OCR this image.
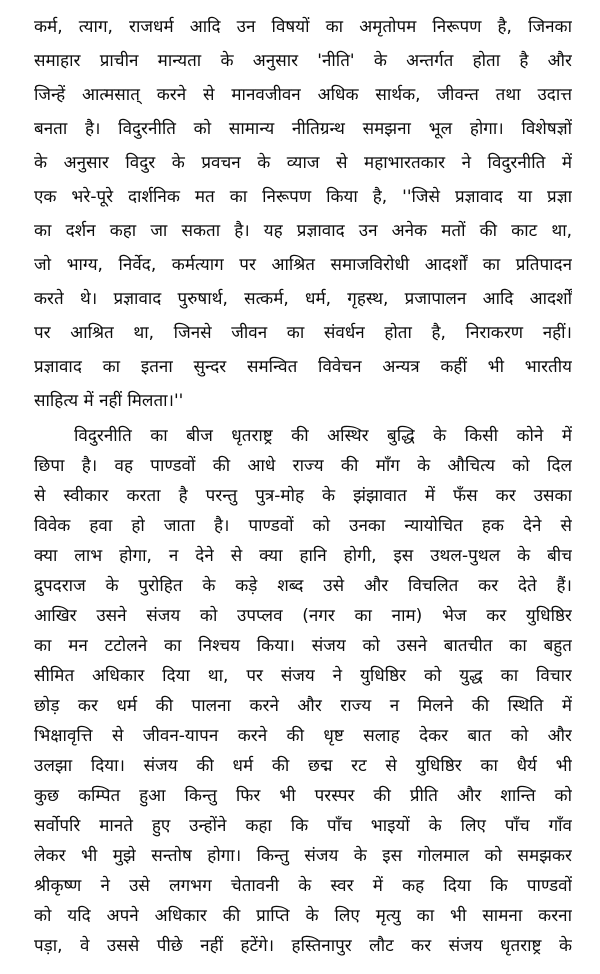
कर्म, त्याग, राजधर्म आदि उन विषयों का अमृतोपम निरूपण है, जिनका
समाहार प्राचीन मान्यता के अनुसार 'नीति' के अन्तर्गत होता है और
जिन्हें आत्मसात् करने से मानवजीवन अधिक सार्थक, जीवन्त तथा उदात्त
बनता है। विदुरनीति को सामान्य नीतिग्रन्थ समझना भूल होगा। विशेषज्ञों
के अनुसार विदुर के प्रवचन के व्याज से महाभारतकार ने विदुरनीति में
एक भरे-पूरे दार्शनिक मत का निरूपण किया है, ''जिसे प्रज्ञावाद या प्रज्ञा
का दर्शन कहा जा सकता है। यह प्रज्ञावाद उन अनेक मतों की काट था,
जो भाग्य, निर्वेद, कर्मत्याग पर आश्रित समाजविरोधी आदर्शों का प्रतिपादन
करते थे। प्रज्ञावाद पुरुषार्थ, सत्कर्म, धर्म, गृहस्थ, प्रजापालन आदि आदर्शों
पर आश्रित था, जिनसे जीवन का संवर्धन होता है, निराकरण नहीं।
प्रज्ञावाद का इतना सुन्दर समन्वित विवेचन अन्यत्र कहीं भी भारतीय
साहित्य में नहीं मिलता।''
विदुरनीति का बीज धृतराष्ट्र की अस्थिर बुद्धि के किसी कोने में
छिपा है। वह पाण्डवों की आधे राज्य की माँग के औचित्य को दिल
से स्वीकार करता है परन्तु पुत्र-मोह के झंझावात में फँस कर उसका
विवेक हवा हो जाता है। पाण्डवों को उनका न्यायोचित हक देने से
क्या लाभ होगा, न देने से क्या हानि होगी, इस उथल-पुथल के बीच
द्रुपदराज के पुरोहित के कड़े शब्द उसे और विचलित कर देते हैं।
आखिर उसने संजय को उपप्लव (नगर का नाम) भेज कर युधिष्ठिर
का मन टटोलने का निश्चय किया। संजय को उसने बातचीत का बहुत
सीमित अधिकार दिया था, पर संजय ने युधिष्ठिर को युद्ध का विचार
छोड़ कर धर्म की पालना करने और राज्य न मिलने की स्थिति में
भिक्षावृत्ति से जीवन-यापन करने की धृष्ट सलाह देकर बात को और
उलझा दिया। संजय की धर्म की छद्म रट से युधिष्ठिर का धैर्य भी
कुछ कम्पित हुआ किन्तु फिर भी परस्पर की प्रीति और शान्ति को
सर्वोपरि मानते हुए उन्होंने कहा कि पाँच भाइयों के लिए पाँच गाँव
लेकर भी मुझे सन्तोष होगा। किन्तु संजय के इस गोलमाल को समझकर
श्रीकृष्ण ने उसे लगभग चेतावनी के स्वर में कह दिया कि पाण्डवों
को यदि अपने अधिकार की प्राप्ति के लिए मृत्यु का भी सामना करना
पड़ा, वे उससे पीछे नहीं हटेंगे। हस्तिनापुर लौट कर संजय धृतराष्ट्र के
